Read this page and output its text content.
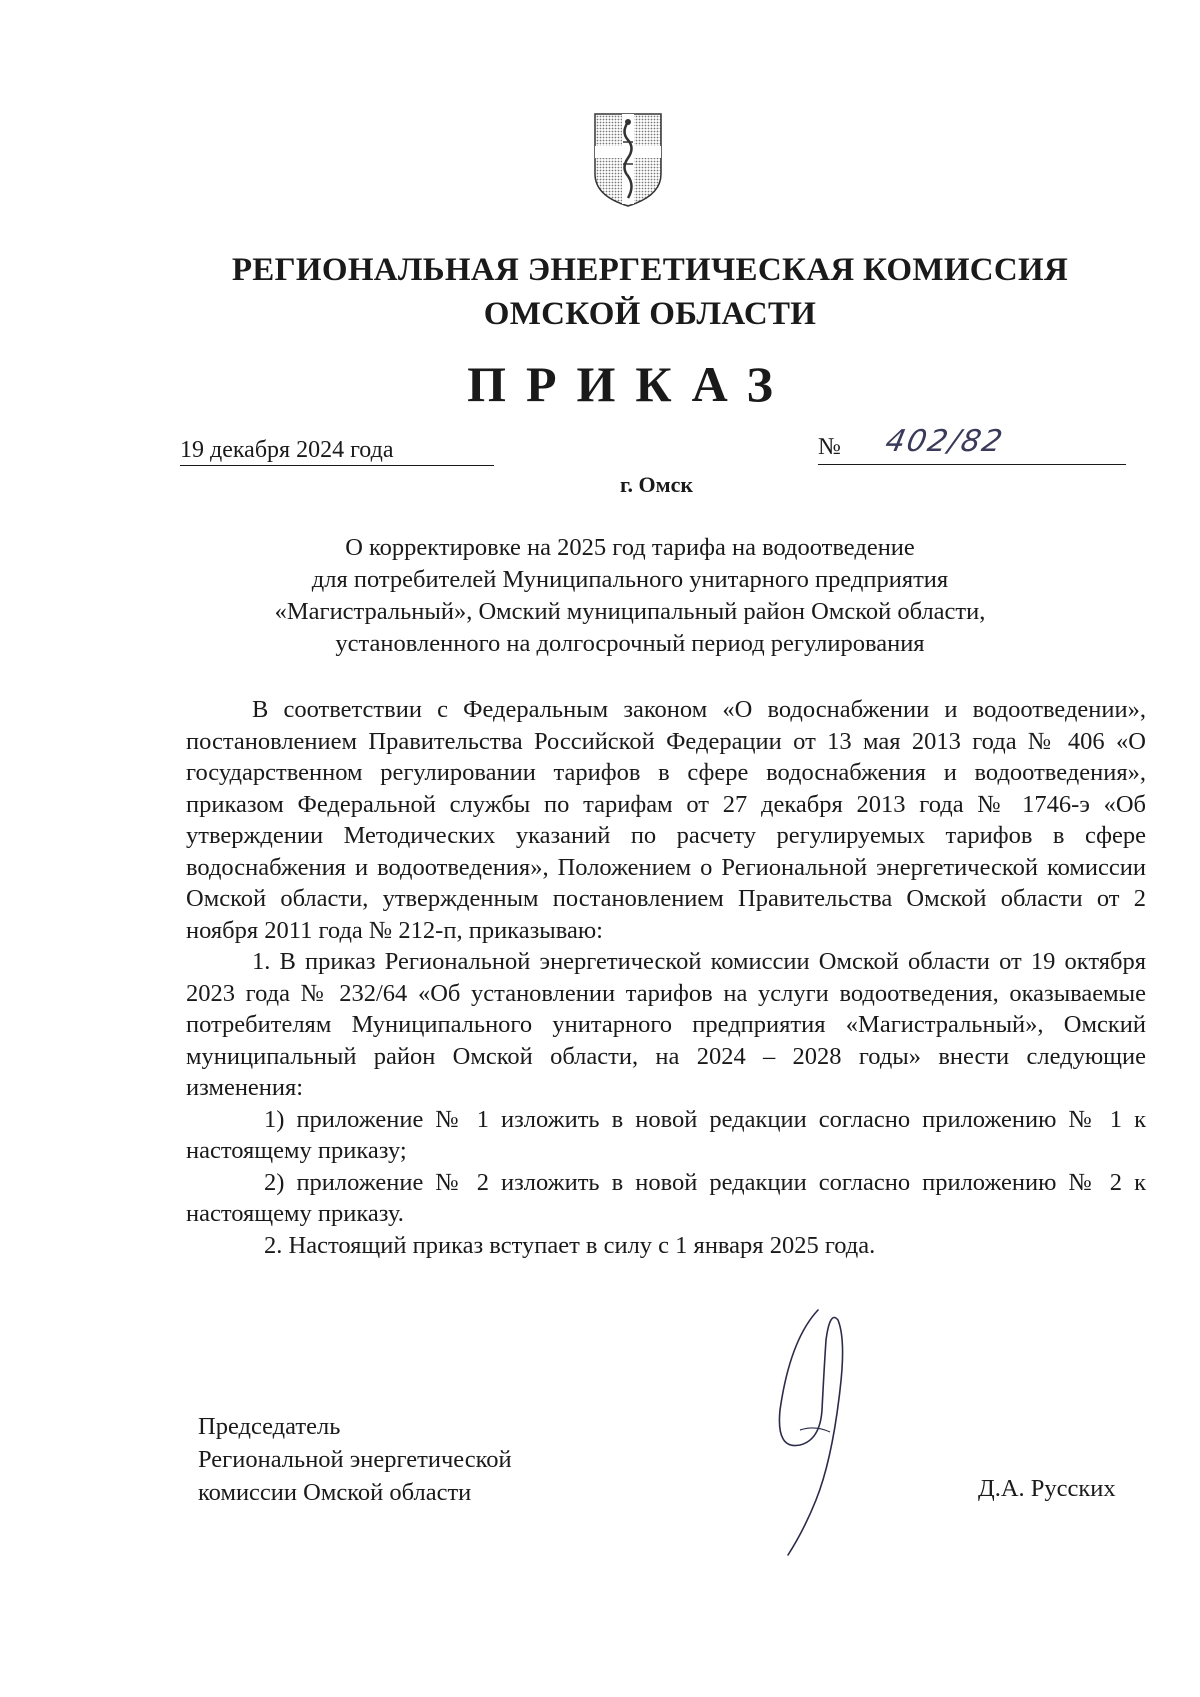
РЕГИОНАЛЬНАЯ ЭНЕРГЕТИЧЕСКАЯ КОМИССИЯ
ОМСКОЙ ОБЛАСТИ
ПРИКАЗ
19 декабря 2024 года	№ 402/82
г. Омск
О корректировке на 2025 год тарифа на водоотведение
для потребителей Муниципального унитарного предприятия
«Магистральный», Омский муниципальный район Омской области,
установленного на долгосрочный период регулирования

В соответствии с Федеральным законом «О водоснабжении и водоотведении», постановлением Правительства Российской Федерации от 13 мая 2013 года № 406 «О государственном регулировании тарифов в сфере водоснабжения и водоотведения», приказом Федеральной службы по тарифам от 27 декабря 2013 года № 1746-э «Об утверждении Методических указаний по расчету регулируемых тарифов в сфере водоснабжения и водоотведения», Положением о Региональной энергетической комиссии Омской области, утвержденным постановлением Правительства Омской области от 2 ноября 2011 года № 212-п, приказываю:

1. В приказ Региональной энергетической комиссии Омской области от 19 октября 2023 года № 232/64 «Об установлении тарифов на услуги водоотведения, оказываемые потребителям Муниципального унитарного предприятия «Магистральный», Омский муниципальный район Омской области, на 2024 – 2028 годы» внести следующие изменения:

1) приложение № 1 изложить в новой редакции согласно приложению № 1 к настоящему приказу;

2) приложение № 2 изложить в новой редакции согласно приложению № 2 к настоящему приказу.

2. Настоящий приказ вступает в силу с 1 января 2025 года.

Председатель
Региональной энергетической
комиссии Омской области	Д.А. Русских
